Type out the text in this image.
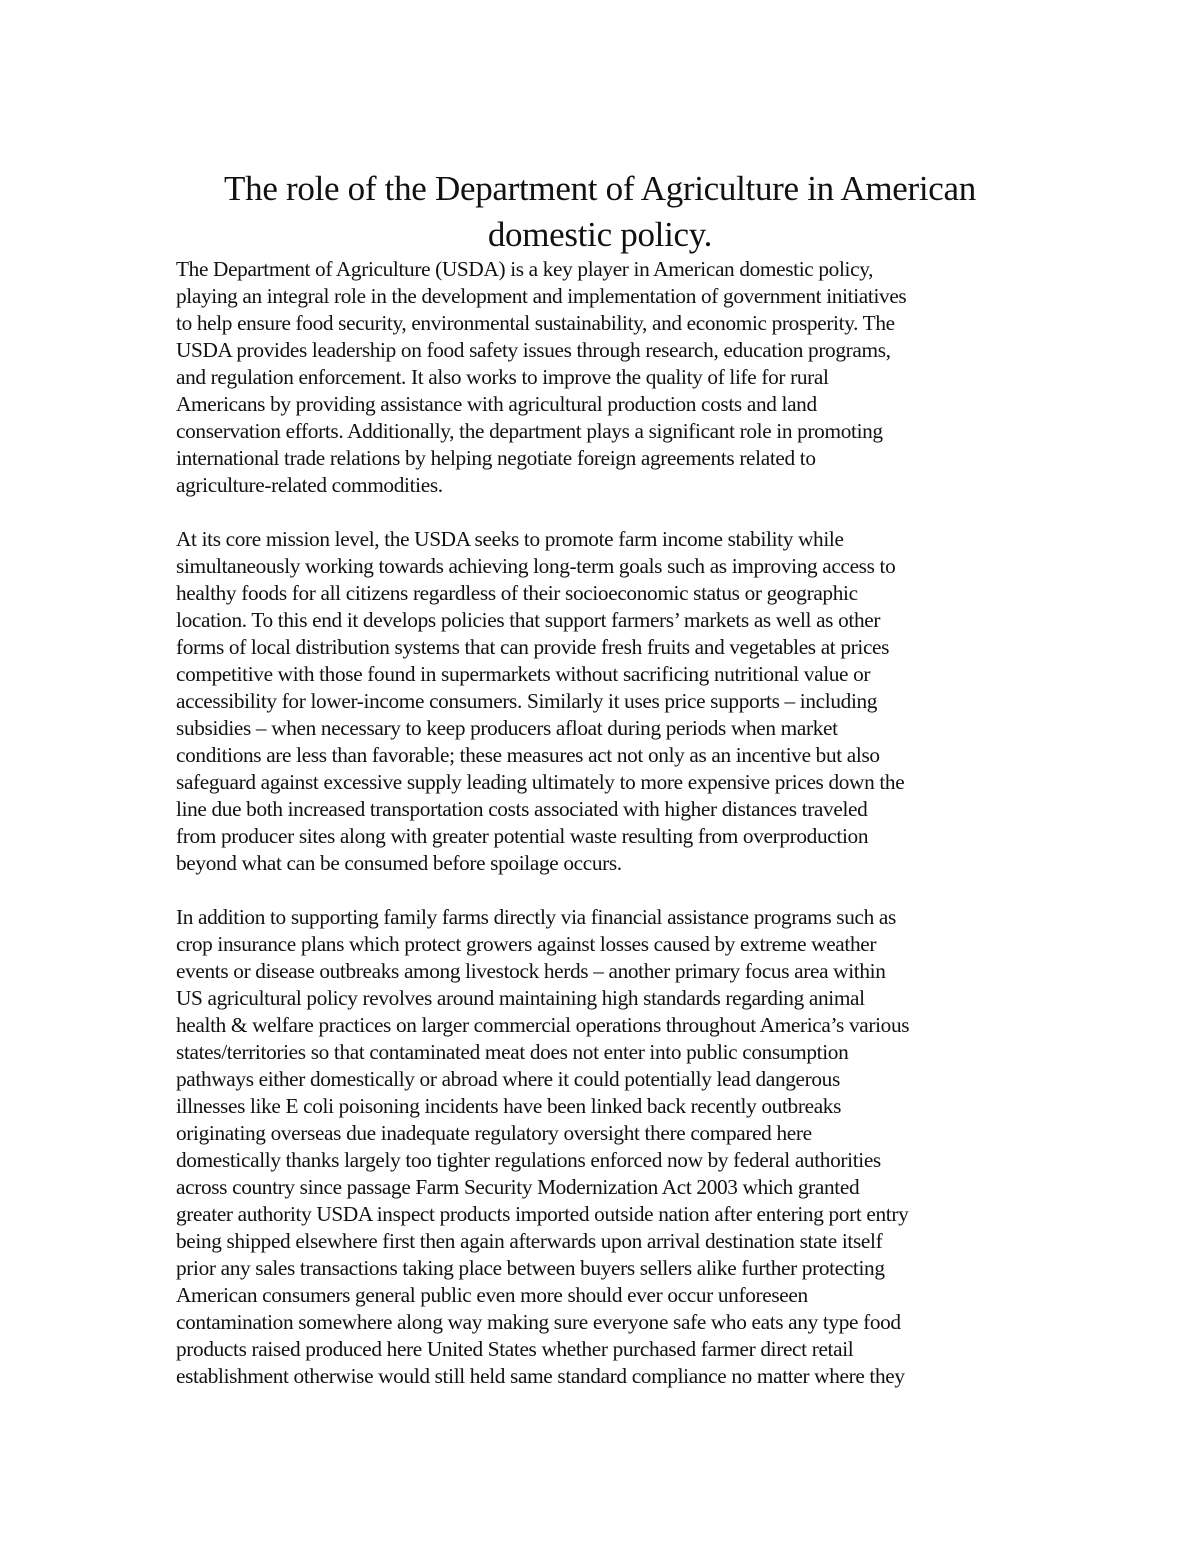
The role of the Department of Agriculture in American
domestic policy.

The Department of Agriculture (USDA) is a key player in American domestic policy,
playing an integral role in the development and implementation of government initiatives
to help ensure food security, environmental sustainability, and economic prosperity. The
USDA provides leadership on food safety issues through research, education programs,
and regulation enforcement. It also works to improve the quality of life for rural
Americans by providing assistance with agricultural production costs and land
conservation efforts. Additionally, the department plays a significant role in promoting
international trade relations by helping negotiate foreign agreements related to
agriculture-related commodities.

At its core mission level, the USDA seeks to promote farm income stability while
simultaneously working towards achieving long-term goals such as improving access to
healthy foods for all citizens regardless of their socioeconomic status or geographic
location. To this end it develops policies that support farmers’ markets as well as other
forms of local distribution systems that can provide fresh fruits and vegetables at prices
competitive with those found in supermarkets without sacrificing nutritional value or
accessibility for lower-income consumers. Similarly it uses price supports – including
subsidies – when necessary to keep producers afloat during periods when market
conditions are less than favorable; these measures act not only as an incentive but also
safeguard against excessive supply leading ultimately to more expensive prices down the
line due both increased transportation costs associated with higher distances traveled
from producer sites along with greater potential waste resulting from overproduction
beyond what can be consumed before spoilage occurs.

In addition to supporting family farms directly via financial assistance programs such as
crop insurance plans which protect growers against losses caused by extreme weather
events or disease outbreaks among livestock herds – another primary focus area within
US agricultural policy revolves around maintaining high standards regarding animal
health & welfare practices on larger commercial operations throughout America’s various
states/territories so that contaminated meat does not enter into public consumption
pathways either domestically or abroad where it could potentially lead dangerous
illnesses like E coli poisoning incidents have been linked back recently outbreaks
originating overseas due inadequate regulatory oversight there compared here
domestically thanks largely too tighter regulations enforced now by federal authorities
across country since passage Farm Security Modernization Act 2003 which granted
greater authority USDA inspect products imported outside nation after entering port entry
being shipped elsewhere first then again afterwards upon arrival destination state itself
prior any sales transactions taking place between buyers sellers alike further protecting
American consumers general public even more should ever occur unforeseen
contamination somewhere along way making sure everyone safe who eats any type food
products raised produced here United States whether purchased farmer direct retail
establishment otherwise would still held same standard compliance no matter where they
